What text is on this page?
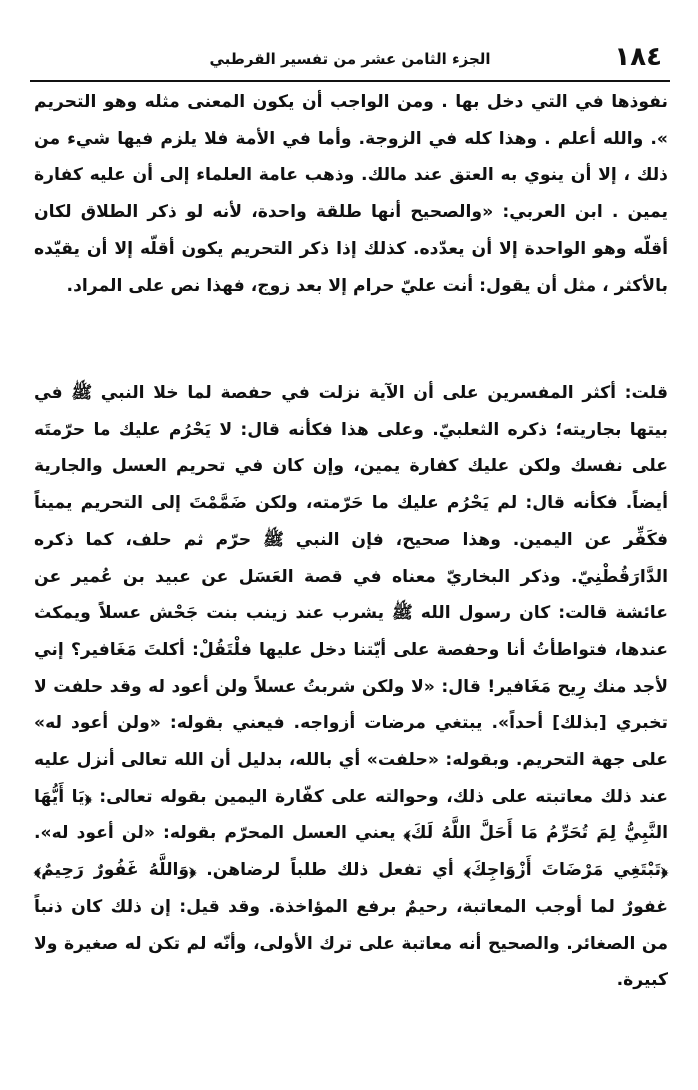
١٨٤
الجزء الثامن عشر من تفسير القرطبي

نفوذها في التي دخل بها . ومن الواجب أن يكون المعنى مثله وهو التحريم ». والله أعلم . وهذا كله في الزوجة. وأما في الأمة فلا يلزم فيها شيء من ذلك ، إلا أن ينوي به العتق عند مالك. وذهب عامة العلماء إلى أن عليه كفارة يمين . ابن العربي: «والصحيح أنها طلقة واحدة، لأنه لو ذكر الطلاق لكان أقلّه وهو الواحدة إلا أن يعدّده. كذلك إذا ذكر التحريم يكون أقلّه إلا أن يقيّده بالأكثر ، مثل أن يقول: أنت عليّ حرام إلا بعد زوج، فهذا نص على المراد.

قلت: أكثر المفسرين على أن الآية نزلت في حفصة لما خلا النبي ﷺ في بيتها بجاريته؛ ذكره الثعلبيّ. وعلى هذا فكأنه قال: لا يَحْرُم عليك ما حرّمتَه على نفسك ولكن عليك كفارة يمين، وإن كان في تحريم العسل والجارية أيضاً. فكأنه قال: لم يَحْرُم عليك ما حَرّمته، ولكن ضَمَّمْتَ إلى التحريم يميناً فكَفِّر عن اليمين. وهذا صحيح، فإن النبي ﷺ حرّم ثم حلف، كما ذكره الدَّارَقُطْنِيّ. وذكر البخاريّ معناه في قصة العَسَل عن عبيد بن عُمير عن عائشة قالت: كان رسول الله ﷺ يشرب عند زينب بنت جَحْش عسلاً ويمكث عندها، فتواطأتُ أنا وحفصة على أيّتنا دخل عليها فلْتَقُلْ: أكلتَ مَغَافير؟ إني لأجد منك رِيح مَغَافير! قال: «لا ولكن شربتُ عسلاً ولن أعود له وقد حلفت لا تخبري [بذلك] أحداً». يبتغي مرضات أزواجه. فيعني بقوله: «ولن أعود له» على جهة التحريم. وبقوله: «حلفت» أي بالله، بدليل أن الله تعالى أنزل عليه عند ذلك معاتبته على ذلك، وحوالته على كفّارة اليمين بقوله تعالى: ﴿يَا أَيُّهَا النَّبِيُّ لِمَ تُحَرِّمُ مَا أَحَلَّ اللَّهُ لَكَ﴾ يعني العسل المحرّم بقوله: «لن أعود له». ﴿تَبْتَغِي مَرْضَاتَ أَزْوَاجِكَ﴾ أي تفعل ذلك طلباً لرضاهن. ﴿وَاللَّهُ غَفُورٌ رَحِيمٌ﴾ غفورٌ لما أوجب المعاتبة، رحيمٌ برفع المؤاخذة. وقد قيل: إن ذلك كان ذنباً من الصغائر. والصحيح أنه معاتبة على ترك الأولى، وأنّه لم تكن له صغيرة ولا كبيرة.
